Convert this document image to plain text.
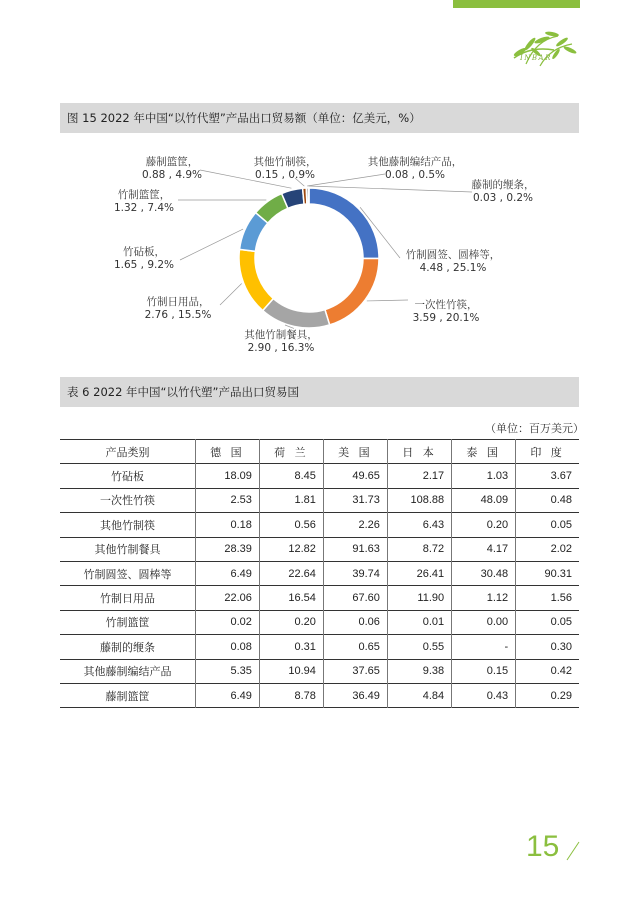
INBAR
图 15 2022 年中国“以竹代塑”产品出口贸易额（单位：亿美元，%）
竹制圆签、圆棒等， 4.48 , 25.1%
一次性竹筷， 3.59 , 20.1%
其他竹制餐具， 2.90 , 16.3%
竹制日用品， 2.76 , 15.5%
竹砧板， 1.65 , 9.2%
竹制篮筐， 1.32 , 7.4%
藤制篮筐， 0.88 , 4.9%
其他竹制筷， 0.15 , 0.9%
其他藤制编结产品， 0.08 , 0.5%
藤制的缏条， 0.03 , 0.2%
表 6 2022 年中国“以竹代塑”产品出口贸易国
（单位：百万美元）
产品类别	德 国	荷 兰	美 国	日 本	泰 国	印 度
竹砧板	18.09	8.45	49.65	2.17	1.03	3.67
一次性竹筷	2.53	1.81	31.73	108.88	48.09	0.48
其他竹制筷	0.18	0.56	2.26	6.43	0.20	0.05
其他竹制餐具	28.39	12.82	91.63	8.72	4.17	2.02
竹制圆签、圆棒等	6.49	22.64	39.74	26.41	30.48	90.31
竹制日用品	22.06	16.54	67.60	11.90	1.12	1.56
竹制篮筐	0.02	0.20	0.06	0.01	0.00	0.05
藤制的缏条	0.08	0.31	0.65	0.55	-	0.30
其他藤制编结产品	5.35	10.94	37.65	9.38	0.15	0.42
藤制篮筐	6.49	8.78	36.49	4.84	0.43	0.29
15
